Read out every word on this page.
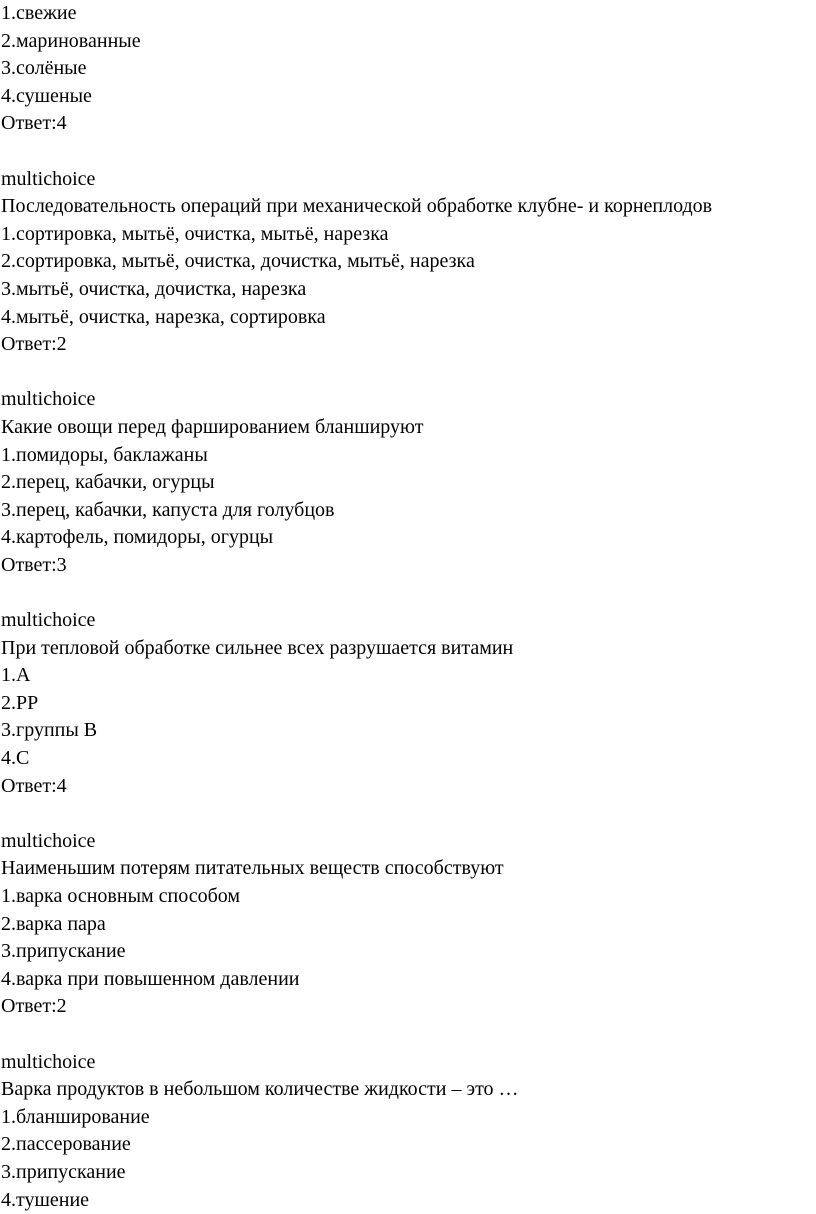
1.свежие
2.маринованные
3.солёные
4.сушеные
Ответ:4
multichoice
Последовательность операций при механической обработке клубне- и корнеплодов
1.сортировка, мытьё, очистка, мытьё, нарезка
2.сортировка, мытьё, очистка, дочистка, мытьё, нарезка
3.мытьё, очистка, дочистка, нарезка
4.мытьё, очистка, нарезка, сортировка
Ответ:2
multichoice
Какие овощи перед фаршированием бланшируют
1.помидоры, баклажаны
2.перец, кабачки, огурцы
3.перец, кабачки, капуста для голубцов
4.картофель, помидоры, огурцы
Ответ:3
multichoice
При тепловой обработке сильнее всех разрушается витамин
1.А
2.РР
3.группы В
4.С
Ответ:4
multichoice
Наименьшим потерям питательных веществ способствуют
1.варка основным способом
2.варка пара
3.припускание
4.варка при повышенном давлении
Ответ:2
multichoice
Варка продуктов в небольшом количестве жидкости – это …
1.бланширование
2.пассерование
3.припускание
4.тушение
